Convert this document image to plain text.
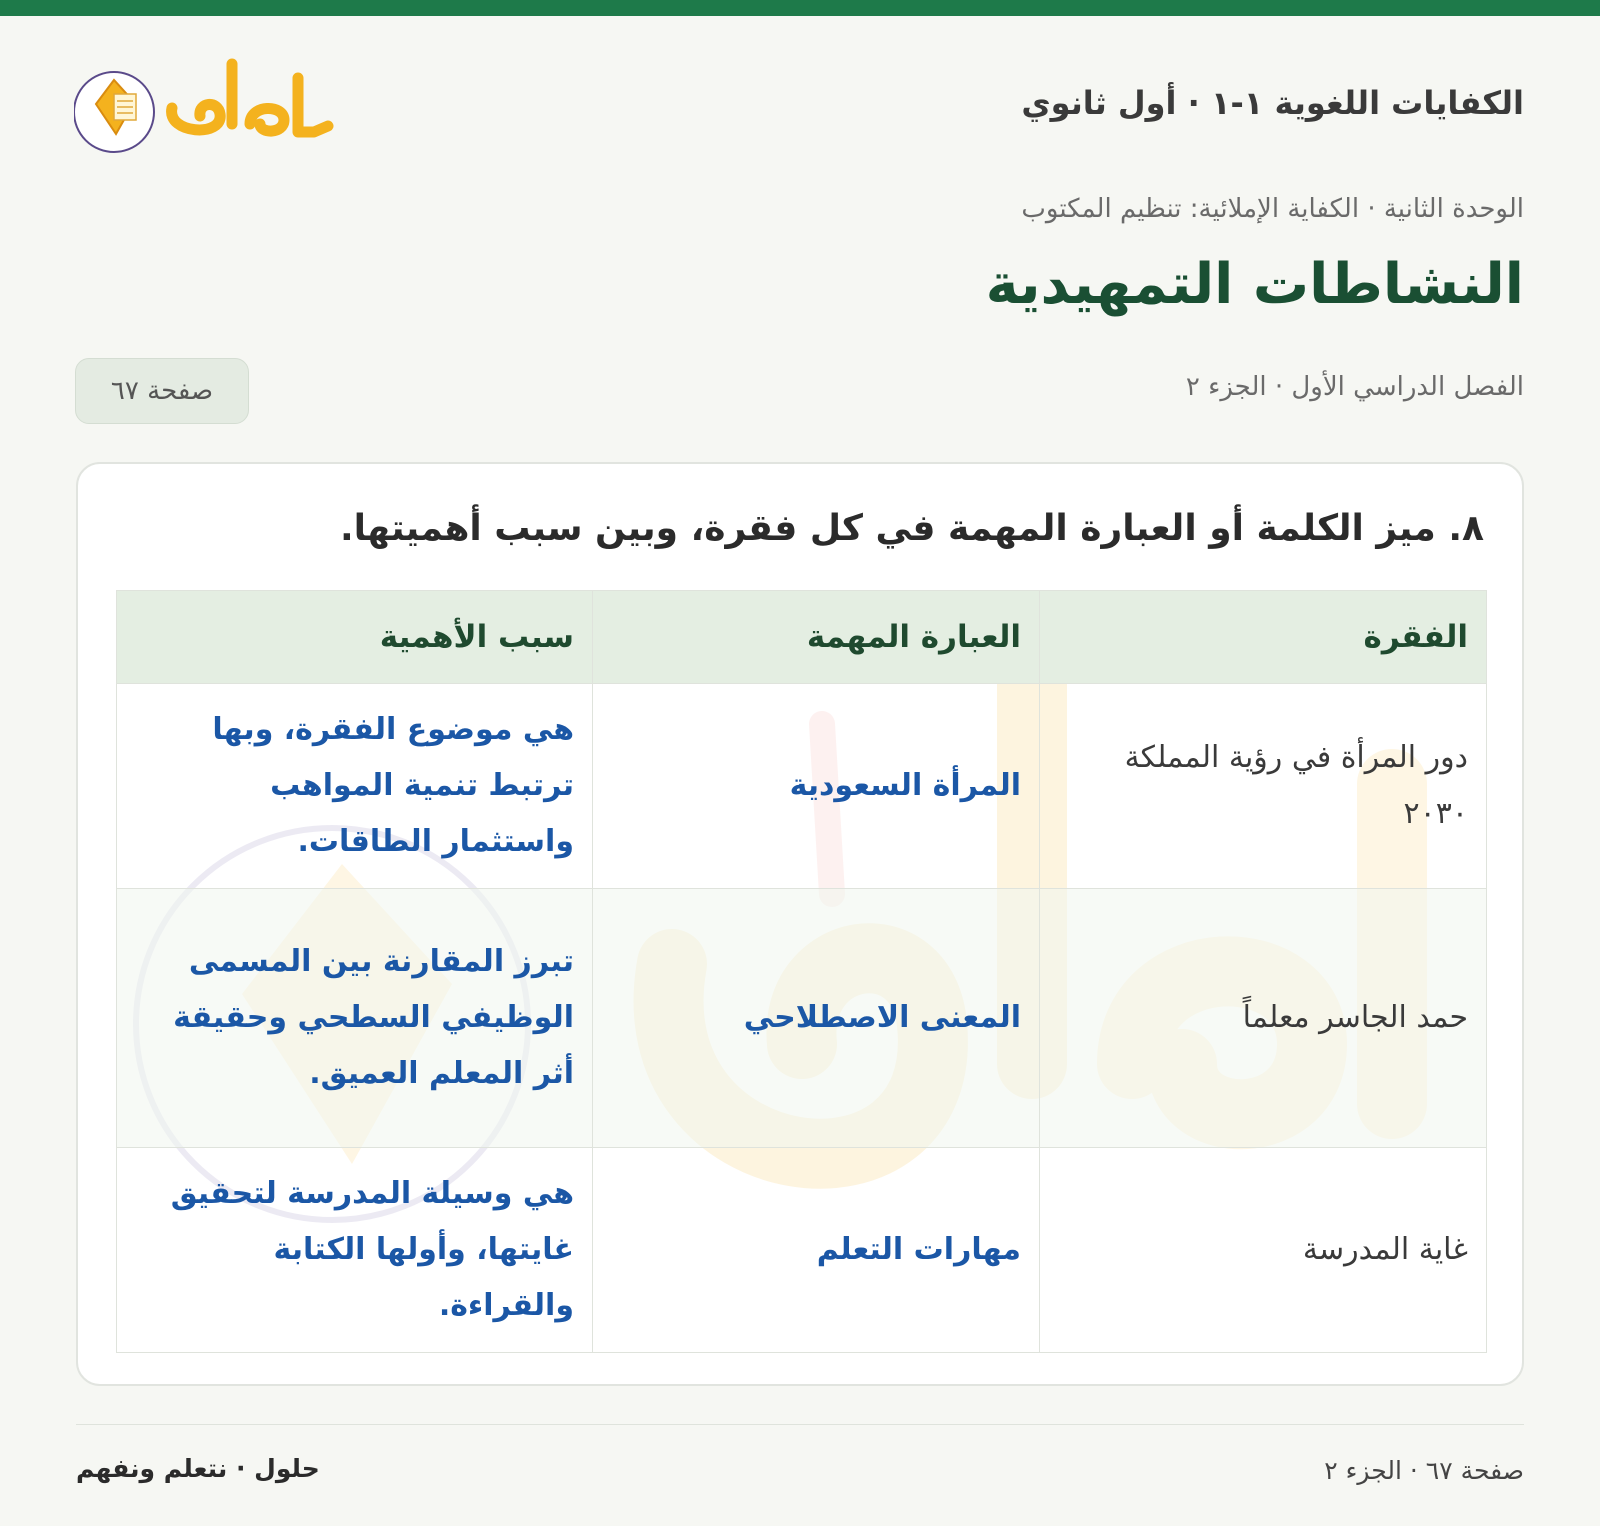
الكفايات اللغوية ١-١ · أول ثانوي
الوحدة الثانية · الكفاية الإملائية: تنظيم المكتوب
النشاطات التمهيدية
الفصل الدراسي الأول · الجزء ٢
صفحة ٦٧
٨. ميز الكلمة أو العبارة المهمة في كل فقرة، وبين سبب أهميتها.
الفقرة	العبارة المهمة	سبب الأهمية
دور المرأة في رؤية المملكة ٢٠٣٠	المرأة السعودية	هي موضوع الفقرة، وبها ترتبط تنمية المواهب واستثمار الطاقات.
حمد الجاسر معلماً	المعنى الاصطلاحي	تبرز المقارنة بين المسمى الوظيفي السطحي وحقيقة أثر المعلم العميق.
غاية المدرسة	مهارات التعلم	هي وسيلة المدرسة لتحقيق غايتها، وأولها الكتابة والقراءة.
صفحة ٦٧ · الجزء ٢
حلول · نتعلم ونفهم
